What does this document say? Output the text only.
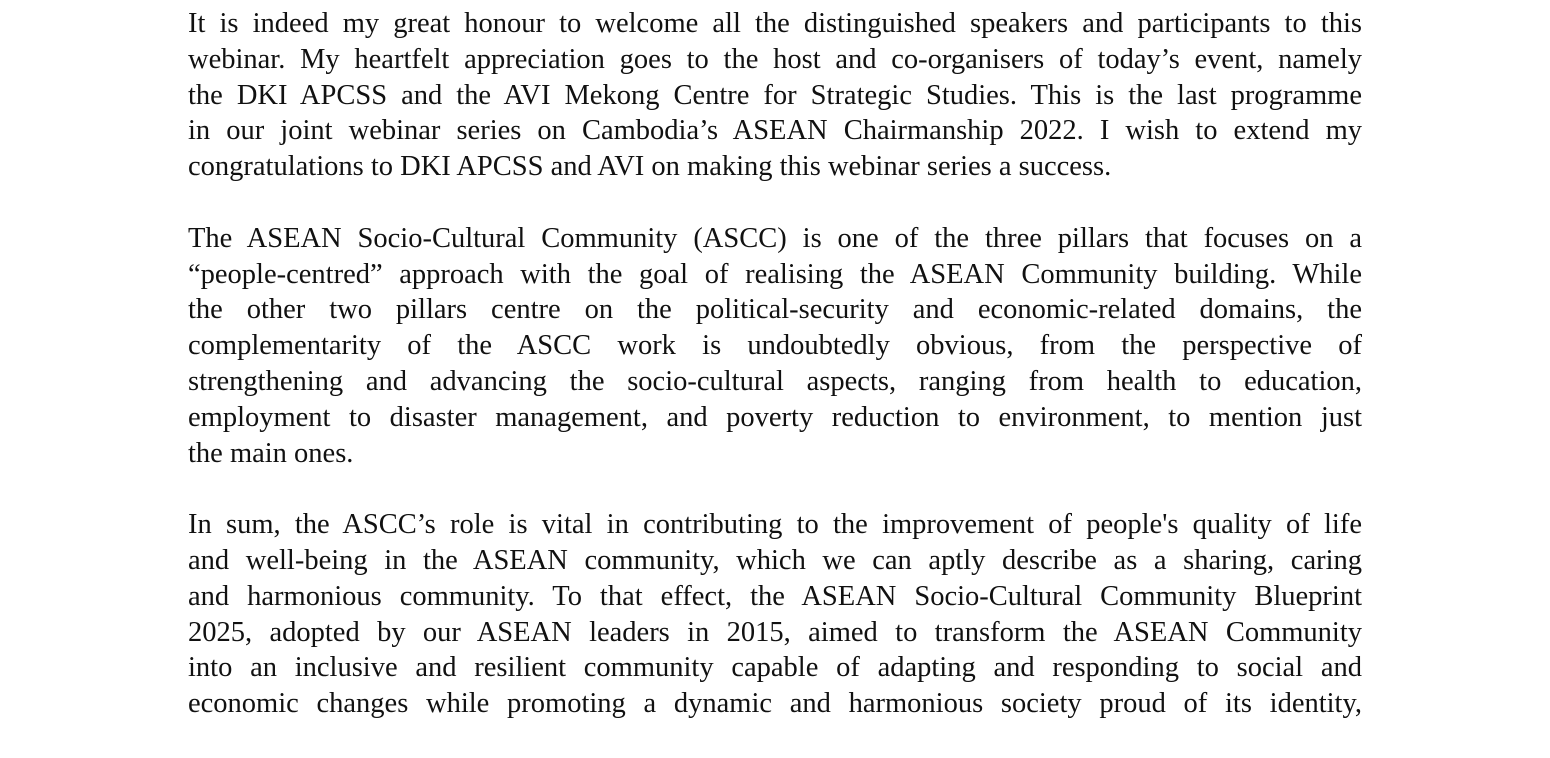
It is indeed my great honour to welcome all the distinguished speakers and participants to this
webinar. My heartfelt appreciation goes to the host and co-organisers of today’s event, namely
the DKI APCSS and the AVI Mekong Centre for Strategic Studies. This is the last programme
in our joint webinar series on Cambodia’s ASEAN Chairmanship 2022. I wish to extend my
congratulations to DKI APCSS and AVI on making this webinar series a success.
The ASEAN Socio-Cultural Community (ASCC) is one of the three pillars that focuses on a
“people-centred” approach with the goal of realising the ASEAN Community building. While
the other two pillars centre on the political-security and economic-related domains, the
complementarity of the ASCC work is undoubtedly obvious, from the perspective of
strengthening and advancing the socio-cultural aspects, ranging from health to education,
employment to disaster management, and poverty reduction to environment, to mention just
the main ones.
In sum, the ASCC’s role is vital in contributing to the improvement of people's quality of life
and well-being in the ASEAN community, which we can aptly describe as a sharing, caring
and harmonious community. To that effect, the ASEAN Socio-Cultural Community Blueprint
2025, adopted by our ASEAN leaders in 2015, aimed to transform the ASEAN Community
into an inclusive and resilient community capable of adapting and responding to social and
economic changes while promoting a dynamic and harmonious society proud of its identity,
